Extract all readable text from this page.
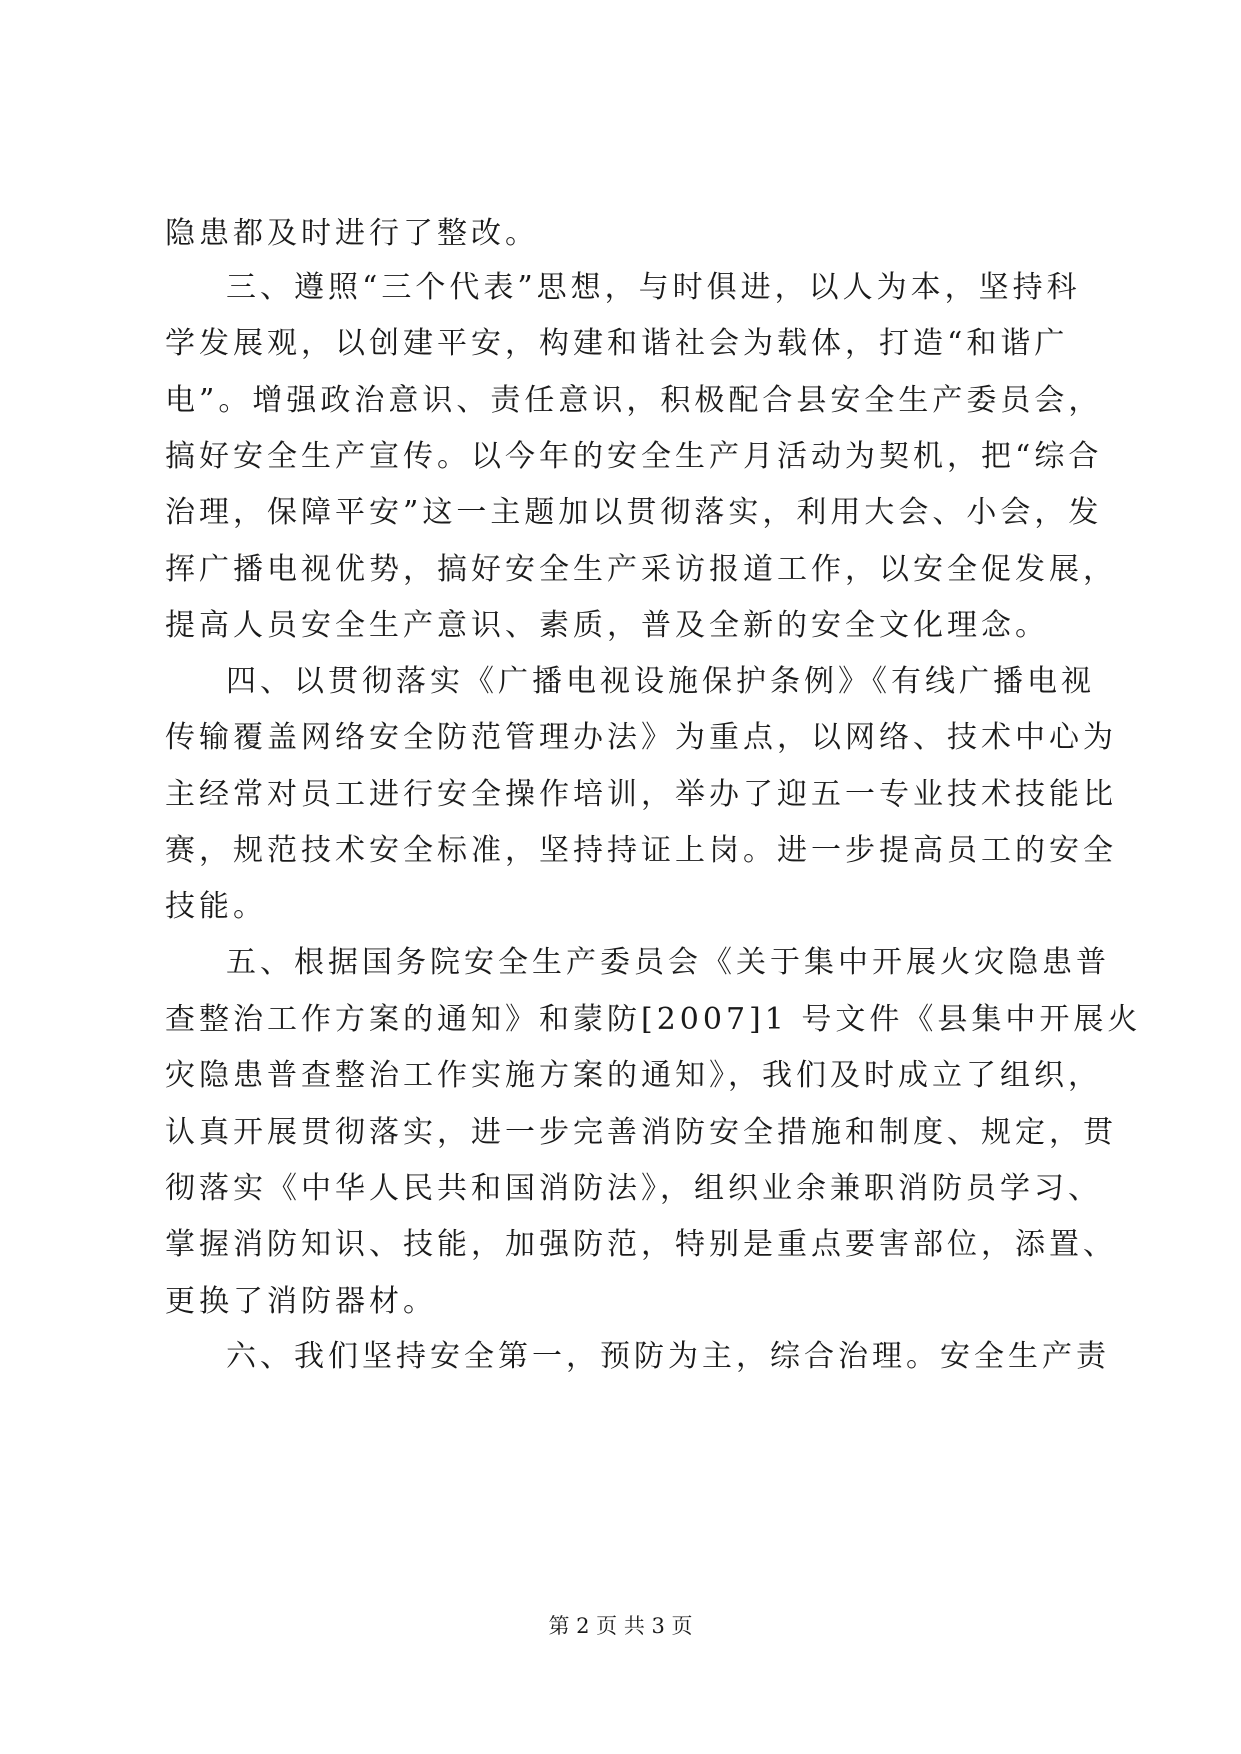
隐患都及时进行了整改。
三、遵照“三个代表”思想，与时俱进，以人为本，坚持科
学发展观，以创建平安，构建和谐社会为载体，打造“和谐广
电”。增强政治意识、责任意识，积极配合县安全生产委员会，
搞好安全生产宣传。以今年的安全生产月活动为契机，把“综合
治理，保障平安”这一主题加以贯彻落实，利用大会、小会，发
挥广播电视优势，搞好安全生产采访报道工作，以安全促发展，
提高人员安全生产意识、素质，普及全新的安全文化理念。
四、以贯彻落实《广播电视设施保护条例》《有线广播电视
传输覆盖网络安全防范管理办法》为重点，以网络、技术中心为
主经常对员工进行安全操作培训，举办了迎五一专业技术技能比
赛，规范技术安全标准，坚持持证上岗。进一步提高员工的安全
技能。
五、根据国务院安全生产委员会《关于集中开展火灾隐患普
查整治工作方案的通知》和蒙防[2007]1 号文件《县集中开展火
灾隐患普查整治工作实施方案的通知》，我们及时成立了组织，
认真开展贯彻落实，进一步完善消防安全措施和制度、规定，贯
彻落实《中华人民共和国消防法》，组织业余兼职消防员学习、
掌握消防知识、技能，加强防范，特别是重点要害部位，添置、
更换了消防器材。
六、我们坚持安全第一，预防为主，综合治理。安全生产责
第 2 页 共 3 页
